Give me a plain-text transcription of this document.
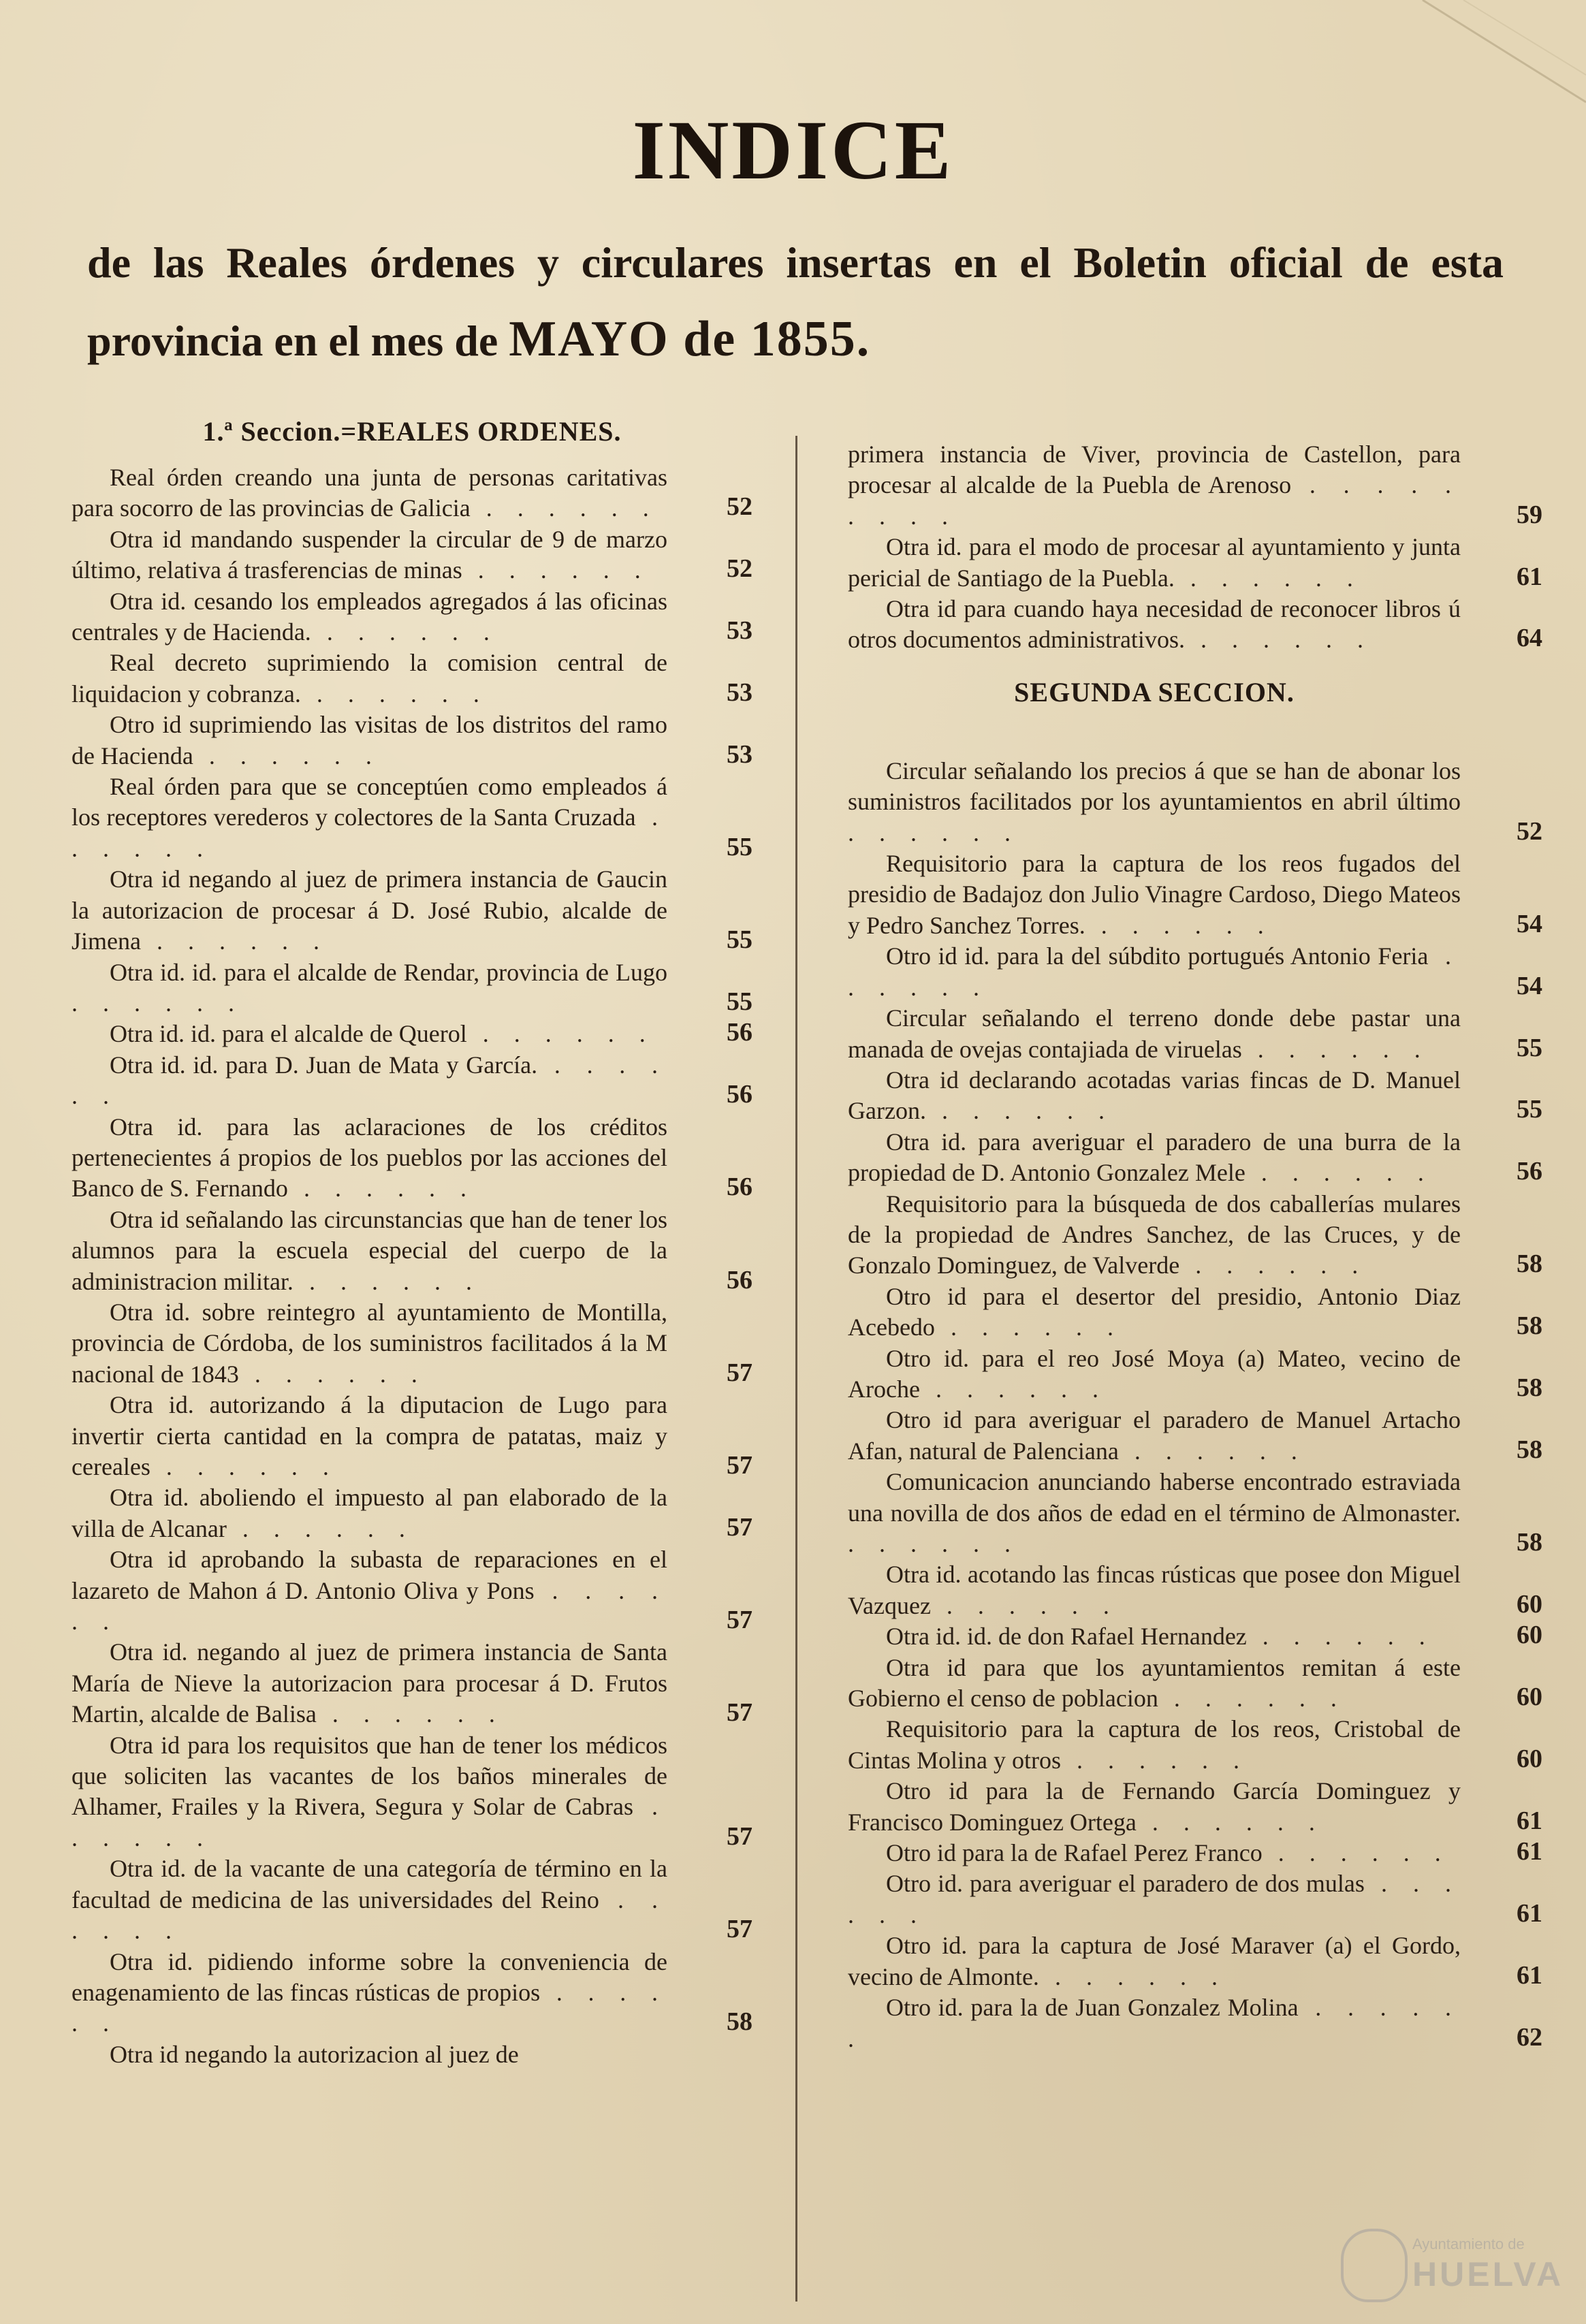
INDICE
de las Reales órdenes y circulares insertas en el Boletin oficial de esta provincia en el mes de MAYO de 1855.
1.ª Seccion.=REALES ORDENES.

Real órden creando una junta de personas caritativas para socorro de las provincias de Galicia . . . . . .	52

Otra id mandando suspender la circular de 9 de marzo último, relativa á trasferencias de minas . . . . . .	52

Otra id. cesando los empleados agregados á las oficinas centrales y de Hacienda. . . . . . .	53

Real decreto suprimiendo la comision central de liquidacion y cobranza. . . . . . .	53

Otro id suprimiendo las visitas de los distritos del ramo de Hacienda . . . . . .	53

Real órden para que se conceptúen como empleados á los receptores verederos y colectores de la Santa Cruzada . . . . . .	55

Otra id negando al juez de primera instancia de Gaucin la autorizacion de procesar á D. José Rubio, alcalde de Jimena . . . . . .	55

Otra id. id. para el alcalde de Rendar, provincia de Lugo . . . . . .	55

Otra id. id. para el alcalde de Querol . . . . . .	56

Otra id. id. para D. Juan de Mata y García. . . . . . .	56

Otra id. para las aclaraciones de los créditos pertenecientes á propios de los pueblos por las acciones del Banco de S. Fernando . . . . . .	56

Otra id señalando las circunstancias que han de tener los alumnos para la escuela especial del cuerpo de la administracion militar. . . . . . .	56

Otra id. sobre reintegro al ayuntamiento de Montilla, provincia de Córdoba, de los suministros facilitados á la M nacional de 1843 . . . . . .	57

Otra id. autorizando á la diputacion de Lugo para invertir cierta cantidad en la compra de patatas, maiz y cereales . . . . . .	57

Otra id. aboliendo el impuesto al pan elaborado de la villa de Alcanar . . . . . .	57

Otra id aprobando la subasta de reparaciones en el lazareto de Mahon á D. Antonio Oliva y Pons . . . . . .	57

Otra id. negando al juez de primera instancia de Santa María de Nieve la autorizacion para procesar á D. Frutos Martin, alcalde de Balisa . . . . . .	57

Otra id para los requisitos que han de tener los médicos que soliciten las vacantes de los baños minerales de Alhamer, Frailes y la Rivera, Segura y Solar de Cabras . . . . . .	57

Otra id. de la vacante de una categoría de término en la facultad de medicina de las universidades del Reino . . . . . .	57

Otra id. pidiendo informe sobre la conveniencia de enagenamiento de las fincas rústicas de propios . . . . . .	58

Otra id negando la autorizacion al juez de

primera instancia de Viver, provincia de Castellon, para procesar al alcalde de la Puebla de Arenoso . . . . . . . . .	59

Otra id. para el modo de procesar al ayuntamiento y junta pericial de Santiago de la Puebla. . . . . . .	61

Otra id para cuando haya necesidad de reconocer libros ú otros documentos administrativos. . . . . . .	64

SEGUNDA SECCION.

Circular señalando los precios á que se han de abonar los suministros facilitados por los ayuntamientos en abril último . . . . . .	52

Requisitorio para la captura de los reos fugados del presidio de Badajoz don Julio Vinagre Cardoso, Diego Mateos y Pedro Sanchez Torres. . . . . . .	54

Otro id id. para la del súbdito portugués Antonio Feria . . . . . .	54

Circular señalando el terreno donde debe pastar una manada de ovejas contajiada de viruelas . . . . . .	55

Otra id declarando acotadas varias fincas de D. Manuel Garzon. . . . . . .	55

Otra id. para averiguar el paradero de una burra de la propiedad de D. Antonio Gonzalez Mele . . . . . .	56

Requisitorio para la búsqueda de dos caballerías mulares de la propiedad de Andres Sanchez, de las Cruces, y de Gonzalo Dominguez, de Valverde . . . . . .	58

Otro id para el desertor del presidio, Antonio Diaz Acebedo . . . . . .	58

Otro id. para el reo José Moya (a) Mateo, vecino de Aroche . . . . . .	58

Otro id para averiguar el paradero de Manuel Artacho Afan, natural de Palenciana . . . . . .	58

Comunicacion anunciando haberse encontrado estraviada una novilla de dos años de edad en el término de Almonaster. . . . . . .	58

Otra id. acotando las fincas rústicas que posee don Miguel Vazquez . . . . . .	60

Otra id. id. de don Rafael Hernandez . . . . . .	60

Otra id para que los ayuntamientos remitan á este Gobierno el censo de poblacion . . . . . .	60

Requisitorio para la captura de los reos, Cristobal de Cintas Molina y otros . . . . . .	60

Otro id para la de Fernando García Dominguez y Francisco Dominguez Ortega . . . . . .	61

Otro id para la de Rafael Perez Franco . . . . . .	61

Otro id. para averiguar el paradero de dos mulas . . . . . .	61

Otro id. para la captura de José Maraver (a) el Gordo, vecino de Almonte. . . . . . .	61

Otro id. para la de Juan Gonzalez Molina . . . . . .	62

Ayuntamiento de
HUELVA
